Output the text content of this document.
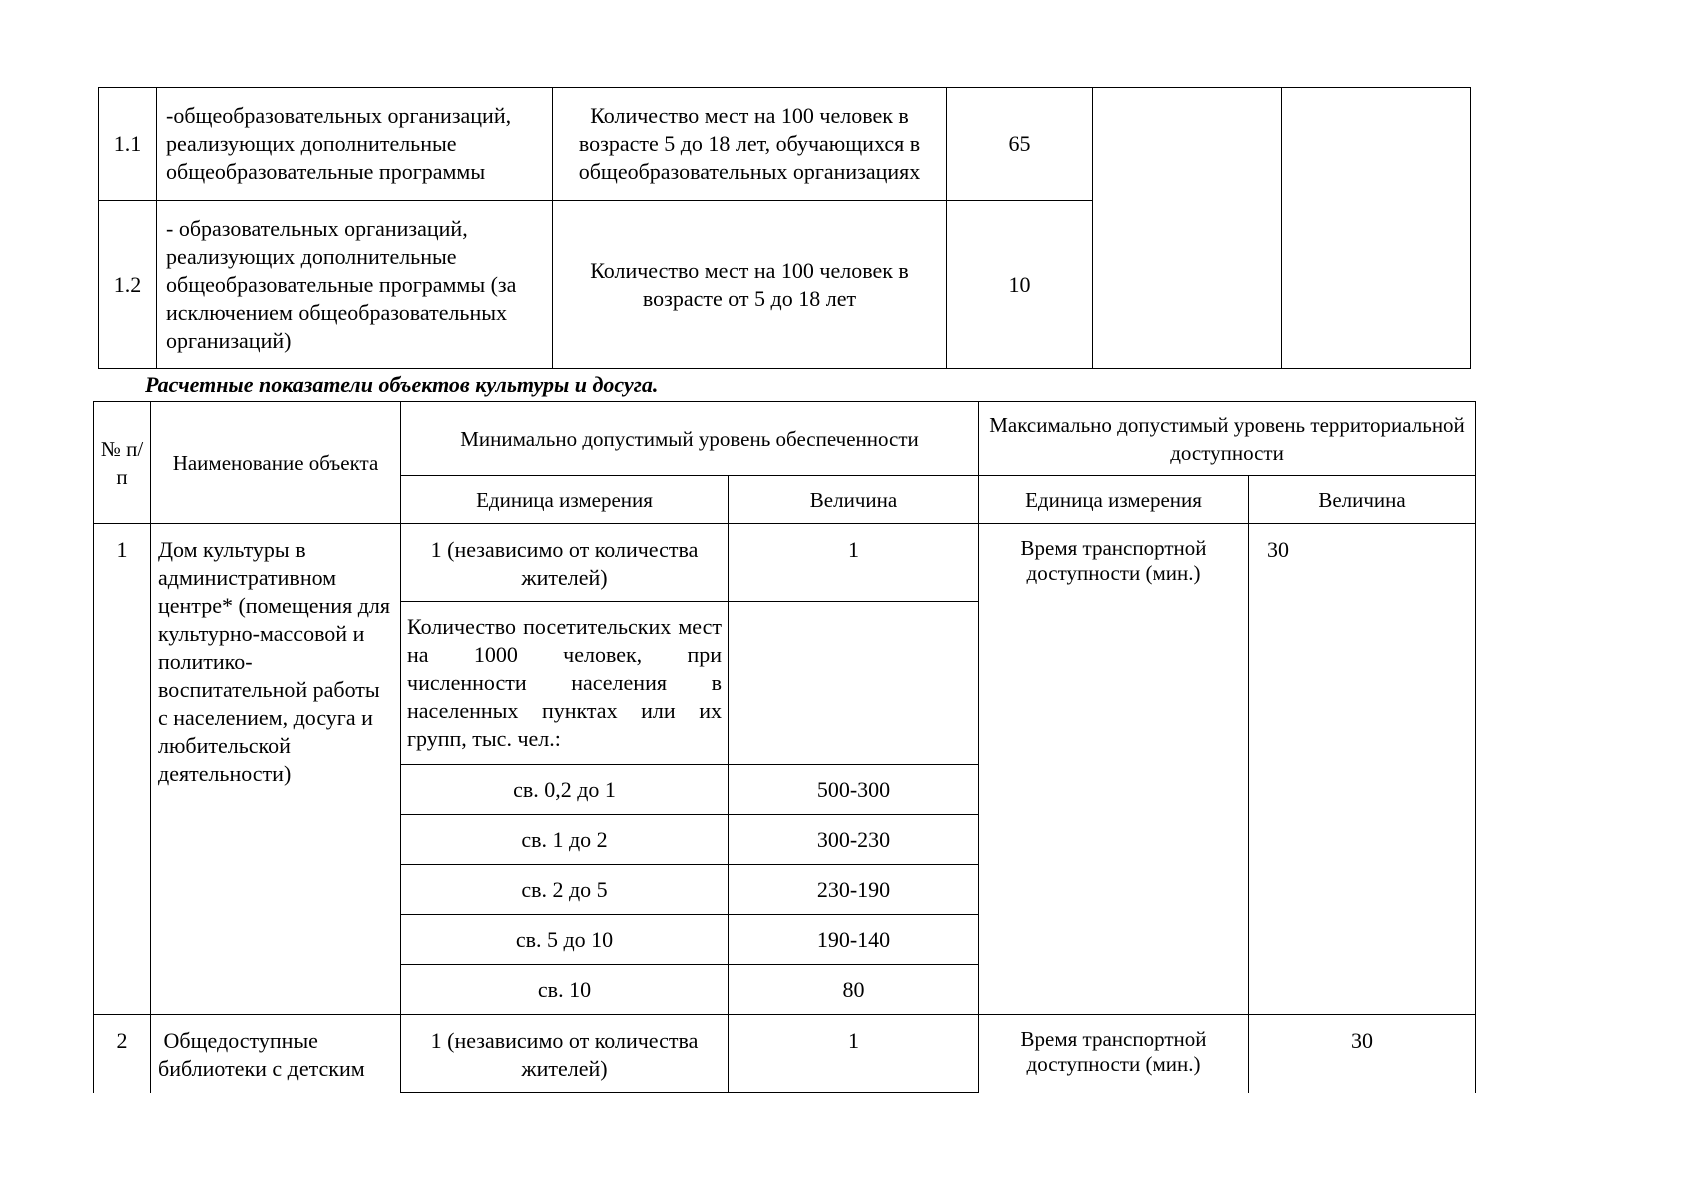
1.1	-общеобразовательных организаций, реализующих дополнительные общеобразовательные программы	Количество мест на 100 человек в возрасте 5 до 18 лет, обучающихся в общеобразовательных организациях	65		
1.2	- образовательных организаций, реализующих дополнительные общеобразовательные программы (за исключением общеобразовательных организаций)	Количество мест на 100 человек в возрасте от 5 до 18 лет	10		

Расчетные показатели объектов культуры и досуга.

№ п/п	Наименование объекта	Минимально допустимый уровень обеспеченности		Максимально допустимый уровень территориальной доступности	
		Единица измерения	Величина	Единица измерения	Величина
1	Дом культуры в административном центре* (помещения для культурно-массовой и политико-воспитательной работы с населением, досуга и любительской деятельности)	1 (независимо от количества жителей)	1	Время транспортной доступности (мин.)	30
		Количество посетительских мест на 1000 человек, при численности населения в населенных пунктах или их групп, тыс. чел.:			
		св. 0,2 до 1	500-300		
		св. 1 до 2	300-230		
		св. 2 до 5	230-190		
		св. 5 до 10	190-140		
		св. 10	80		

2	Общедоступные библиотеки с детским	1 (независимо от количества жителей)	1	Время транспортной доступности (мин.)	30
